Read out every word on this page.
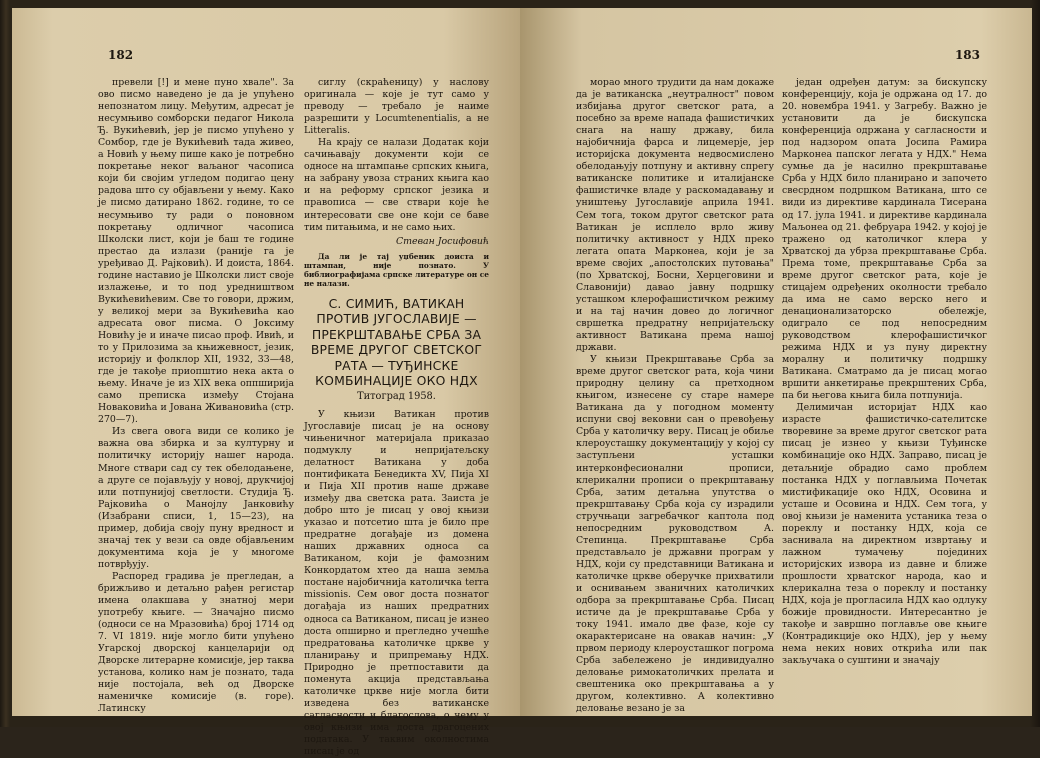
182

превели [!] и мене пуно хвале". За ово писмо наведено је да је упућено непознатом лицу. Међутим, адресат је несумњиво сомборски педагог Никола Ђ. Вукићевић, јер је писмо упућено у Сомбор, где је Вукићевић тада живео, а Новић у њему пише како је потребно покретање неког ваљаног часописа који би својим угледом подигао цену радова што су објављени у њему. Како је писмо датирано 1862. године, то се несумњиво ту ради о поновном покретању одличног часописа Школски лист, који је баш те године престао да излази (раније га је уређивао Д. Рајковић). И доиста, 1864. године наставио је Школски лист своје излажење, и то под уредништвом Вукићевићевим. Све то говори, држим, у великој мери за Вукићевића као адресата овог писма. О Јоксиму Новићу је и иначе писао проф. Ивић, и то у Прилозима за књижевност, језик, историју и фолклор XII, 1932, 33—48, где је такође приопштио нека акта о њему. Иначе је из XIX века оппширија само преписка између Стојана Новаковића и Јована Живановића (стр. 270—7).

Из свега овога види се колико је важна ова збирка и за културну и политичку историју нашег народа. Многе ствари сад су тек обелодањене, а друге се појављују у новој, друкчијој или потпунијој светлости. Студија Ђ. Рајковића о Манојлу Јанковићу (Изабрани списи, 1, 15—23), на пример, добија своју пуну вредност и значај тек у вези са овде објављеним документима која је у многоме потврђују.

Распоред градива је прегледан, а брижљиво и детаљно рађен регистар имена олакшава у знатној мери употребу књиге. — Значајно писмо (односи се на Мразовића) број 1714 од 7. VI 1819. није могло бити упућено Угарској дворској канцеларији од Дворске литерарне комисије, јер таква установа, колико нам је познато, тада није постојала, већ од Дворске наменичке комисије (в. горе). Латинску

сиглу (скраћеницу) у наслову оригинала — које је тут само у преводу — требало је наиме разрешити у Locumtenentialis, а не Litteralis.

На крају се налази Додатак који сачињавају документи који се односе на штампање српских књига, на забрану увоза страних књига као и на реформу српског језика и правописа — све ствари које ће интересовати све оне који се баве тим питањима, и не само њих.

Стеван Јосифовић

Да ли је тај уџбеник доиста и штампан, није познато. У библиографијама српске литературе он се не налази.

С. СИМИЋ, ВАТИКАН ПРОТИВ ЈУГОСЛАВИЈЕ — ПРЕКРШТАВАЊЕ СРБА ЗА ВРЕМЕ ДРУГОГ СВЕТСКОГ РАТА — ТУЂИНСКЕ КОМБИНАЦИЈЕ ОКО НДХ
Титоград 1958.

У књизи Ватикан против Југославије писац је на основу чињеничног материјала приказао подмуклу и непријатељску делатност Ватикана у доба понтификата Бенедикта XV, Пија XI и Пија XII против наше државе између два светска рата. Заиста је добро што је писац у овој књизи указао и потсетио шта је било пре предратне догађаје из домена наших државних односа са Ватиканом, који је фамозним Конкордатом хтео да наша земља постане најобичнија католичка terra missionis. Сем овог доста познатог догађаја из наших предратних односа са Ватиканом, писац је изнео доста опширно и прегледно учешће предратовања католичке цркве у планирању и припремању НДХ. Природно је претпоставити да поменута акција представљања католичке цркве није могла бити изведена без ватиканске сагласности и благослова, о чему у овој књизи има доста драгоцених података. У таквим околностима писац је од

183

морао много трудити да нам докаже да је ватиканска „неутралност" повом избијања другог светског рата, а посебно за време напада фашистичких снага на нашу државу, била најобичнија фарса и лицемерје, јер историјска документа недвосмислено обелодањују потпуну и активну спрегу ватиканске политике и италијанске фашистичке владе у раскомадавању и уништењу Југославије априла 1941. Сем тога, током другог светског рата Ватикан је исплело врло живу политичку активност у НДХ преко легата опата Марконеа, који је за време својих „апостолских путовања" (по Хрватској, Босни, Херцеговини и Славонији) давао јавну подршку усташком клерофашистичком режиму и на тај начин довео до логичног свршетка предратну непријатељску активност Ватикана према нашој држави.

У књизи Прекрштавање Срба за време другог светског рата, која чини природну целину са претходном књигом, изнесене су старе намере Ватикана да у погодном моменту испуни свој вековни сан о превођењу Срба у католичку веру. Писац је обиље клероусташку документацију у којој су заступљени усташки интерконфесионални прописи, клерикални прописи о прекрштавању Срба, затим детаљна упутства о прекрштавању Срба која су израдили стручњаци загребачког каптола под непосредним руководством А. Степинца. Прекрштавање Срба представљало је државни програм у НДХ, који су представници Ватикана и католичке цркве оберучке прихватили и оснивањем званичних католичких одбора за прекрштавање Срба. Писац истиче да је прекрштавање Срба у току 1941. имало две фазе, које су окарактерисане на овакав начин: „У првом периоду клероусташког погрома Срба забележено је индивидуално деловање римокатоличких прелата и свештеника око прекрштавања а у другом, колективно. А колективно деловање везано је за

један одређен датум: за бискупску конференцију, која је одржана од 17. до 20. новембра 1941. у Загребу. Важно је установити да је бискупска конференција одржана у сагласности и под надзором опата Јосипа Рамира Марконеа папског легата у НДХ." Нема сумње да је насилно прекрштавање Срба у НДХ било планирано и започето свесрдном подршком Ватикана, што се види из директиве кардинала Тисерана од 17. јула 1941. и директиве кардинала Маљонеа од 21. фебруара 1942. у којој је тражено од католичког клера у Хрватској да убрза прекрштавање Срба. Према томе, прекрштавање Срба за време другог светског рата, које је стицајем одређених околности требало да има не само верско него и денационализаторско обележје, одиграло се под непосредним руководством клерофашистичког режима НДХ и уз пуну директну моралну и политичку подршку Ватикана. Сматрамо да је писац могао вршити анкетирање прекрштених Срба, па би његова књига била потпунија.

Делимичан историјат НДХ као израсте фашистичко-сателитске творевине за време другог светског рата писац је изнео у књизи Туђинске комбинације око НДХ. Заправо, писац је детаљније обрадио само проблем постанка НДХ у поглављима Почетак мистификације око НДХ, Осовина и усташе и Осовина и НДХ. Сем тога, у овој књизи је наменита устаника теза о пореклу и постанку НДХ, која се заснивала на директном извртању и лажном тумачењу појединих историјских извора из давне и ближе прошлости хрватског народа, као и клерикална теза о пореклу и постанку НДХ, која је прогласила НДХ као одлуку божије провидности. Интересантно је такође и завршно поглавље ове књиге (Контрадикције око НДХ), јер у њему нема неких нових открића или пак закључака о суштини и значају
